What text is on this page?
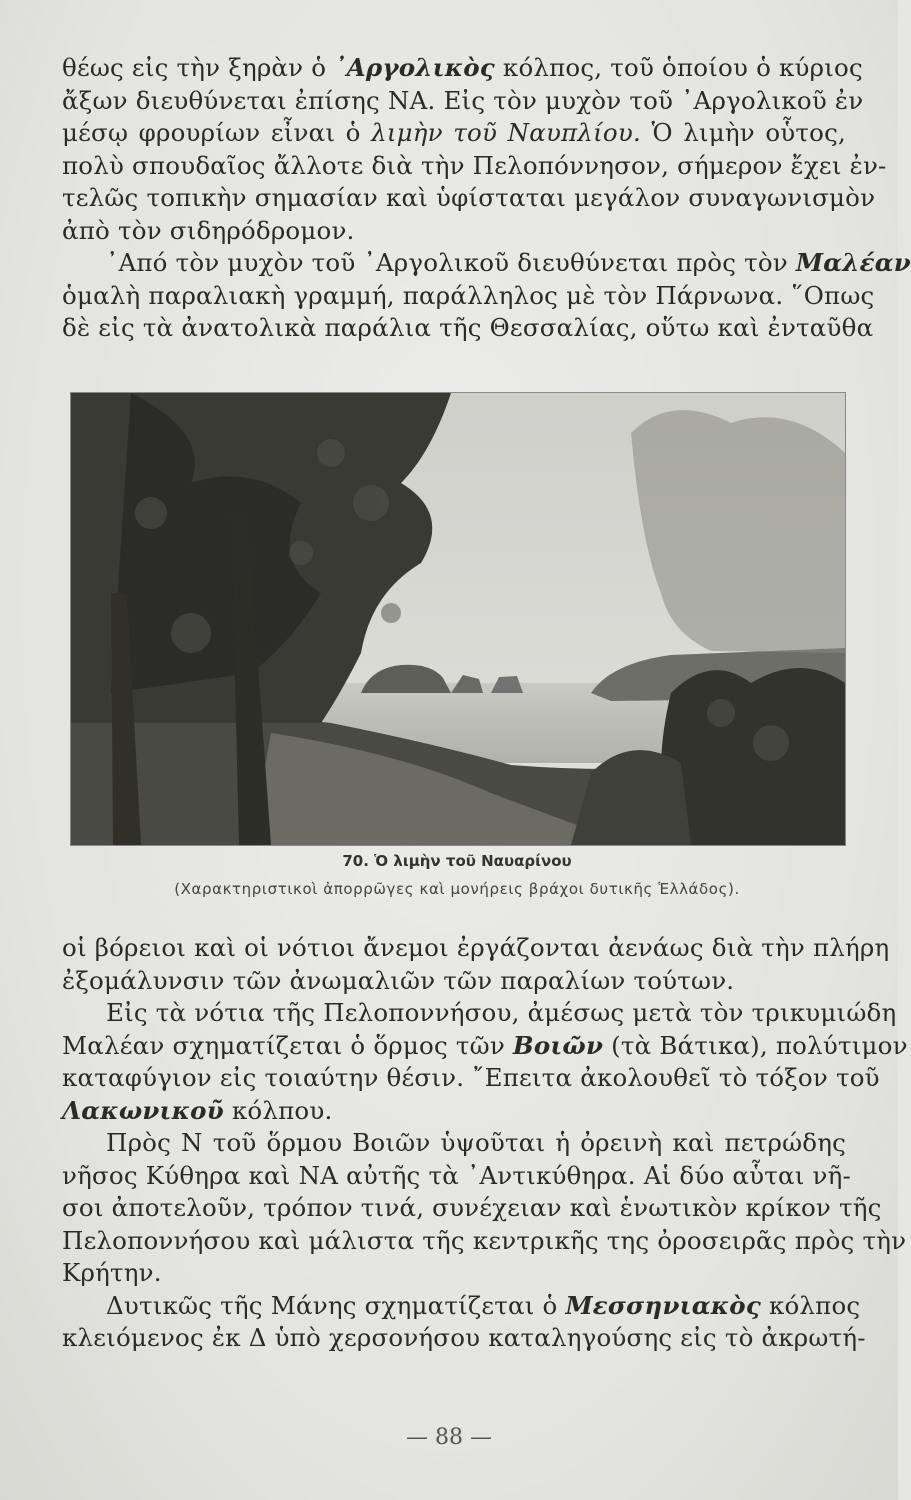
θέως εἰς τὴν ξηρὰν ὁ ᾽Αργολικὸς κόλπος, τοῦ ὁποίου ὁ κύριος
ἄξων διευθύνεται ἐπίσης ΝΑ. Εἰς τὸν μυχὸν τοῦ ᾽Αργολικοῦ ἐν
μέσῳ φρουρίων εἶναι ὁ λιμὴν τοῦ Ναυπλίου. Ὁ λιμὴν οὗτος,
πολὺ σπουδαῖος ἄλλοτε διὰ τὴν Πελοπόννησον, σήμερον ἔχει ἐν-
τελῶς τοπικὴν σημασίαν καὶ ὑφίσταται μεγάλον συναγωνισμὸν
ἀπὸ τὸν σιδηρόδρομον.
᾽Από τὸν μυχὸν τοῦ ᾽Αργολικοῦ διευθύνεται πρὸς τὸν Μαλέαν
ὁμαλὴ παραλιακὴ γραμμή, παράλληλος μὲ τὸν Πάρνωνα. ῞Οπως
δὲ εἰς τὰ ἀνατολικὰ παράλια τῆς Θεσσαλίας, οὕτω καὶ ἐνταῦθα
70. Ὁ λιμὴν τοῦ Ναυαρίνου
(Χαρακτηριστικοὶ ἀπορρῶγες καὶ μονήρεις βράχοι δυτικῆς Ἑλλάδος).
οἱ βόρειοι καὶ οἱ νότιοι ἄνεμοι ἐργάζονται ἀενάως διὰ τὴν πλήρη
ἐξομάλυνσιν τῶν ἀνωμαλιῶν τῶν παραλίων τούτων.
Εἰς τὰ νότια τῆς Πελοποννήσου, ἀμέσως μετὰ τὸν τρικυμιώδη
Μαλέαν σχηματίζεται ὁ ὅρμος τῶν Βοιῶν (τὰ Βάτικα), πολύτιμον
καταφύγιον εἰς τοιαύτην θέσιν. ῎Επειτα ἀκολουθεῖ τὸ τόξον τοῦ
Λακωνικοῦ κόλπου.
Πρὸς Ν τοῦ ὅρμου Βοιῶν ὑψοῦται ἡ ὀρεινὴ καὶ πετρώδης
νῆσος Κύθηρα καὶ ΝΑ αὐτῆς τὰ ᾽Αντικύθηρα. Αἱ δύο αὗται νῆ-
σοι ἀποτελοῦν, τρόπον τινά, συνέχειαν καὶ ἑνωτικὸν κρίκον τῆς
Πελοποννήσου καὶ μάλιστα τῆς κεντρικῆς της ὀροσειρᾶς πρὸς τὴν
Κρήτην.
Δυτικῶς τῆς Μάνης σχηματίζεται ὁ Μεσσηνιακὸς κόλπος
κλειόμενος ἐκ Δ ὑπὸ χερσονήσου καταληγούσης εἰς τὸ ἀκρωτή-
— 88 —
